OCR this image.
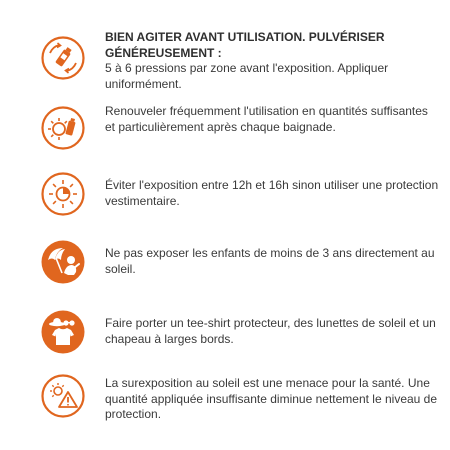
BIEN AGITER AVANT UTILISATION. PULVÉRISER GÉNÉREUSEMENT :
5 à 6 pressions par zone avant l'exposition. Appliquer uniformément.
Renouveler fréquemment l'utilisation en quantités suffisantes et particulièrement après chaque baignade.
Éviter l'exposition entre 12h et 16h sinon utiliser une protection vestimentaire.
Ne pas exposer les enfants de moins de 3 ans directement au soleil.
Faire porter un tee-shirt protecteur, des lunettes de soleil et un chapeau à larges bords.
La surexposition au soleil est une menace pour la santé. Une quantité appliquée insuffisante diminue nettement le niveau de protection.
